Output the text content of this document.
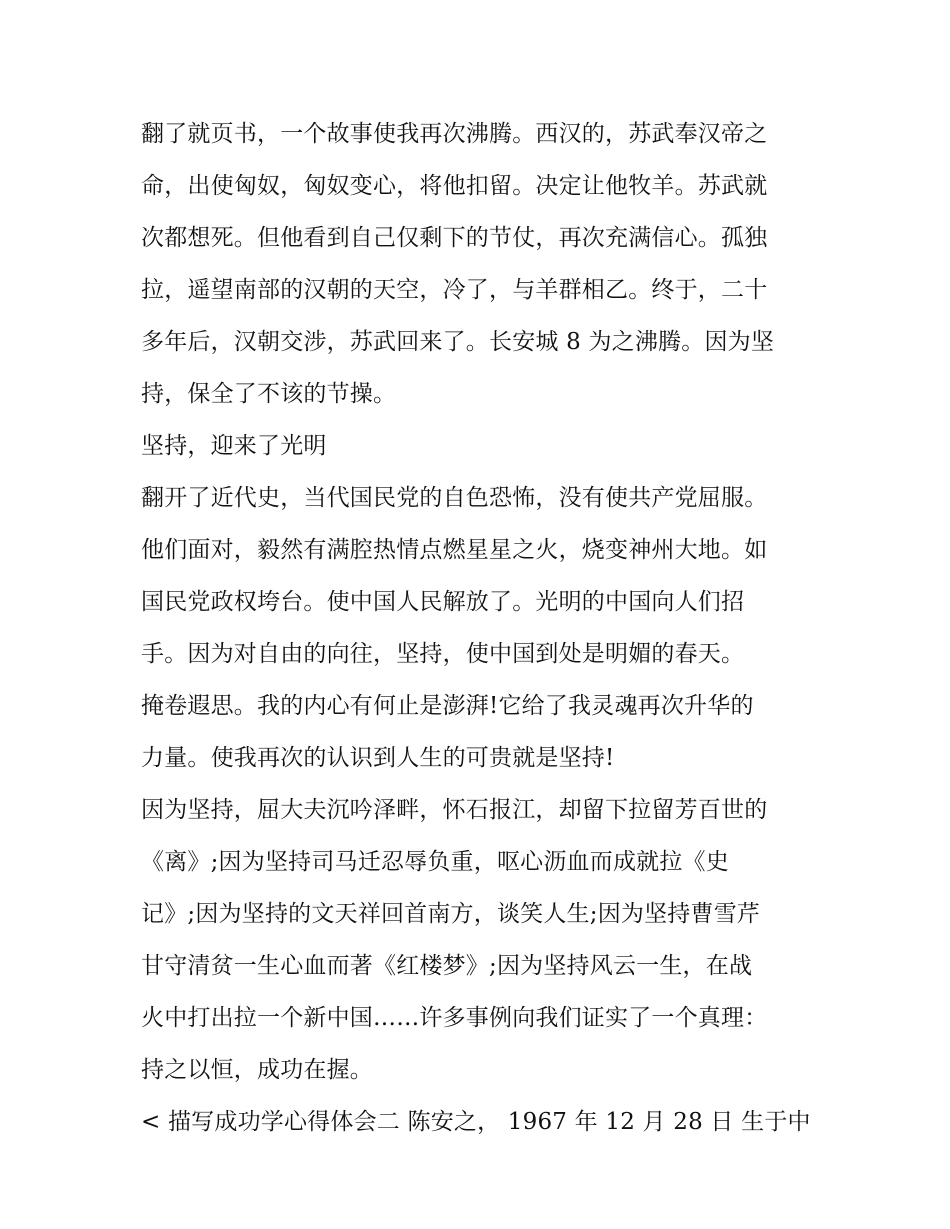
翻了就页书，一个故事使我再次沸腾。西汉的，苏武奉汉帝之
命，出使匈奴，匈奴变心，将他扣留。决定让他牧羊。苏武就
次都想死。但他看到自己仅剩下的节仗，再次充满信心。孤独
拉，遥望南部的汉朝的天空，冷了，与羊群相乙。终于，二十
多年后，汉朝交涉，苏武回来了。长安城 8 为之沸腾。因为坚
持，保全了不该的节操。
坚持，迎来了光明
翻开了近代史，当代国民党的自色恐怖，没有使共产党屈服。
他们面对，毅然有满腔热情点燃星星之火，烧变神州大地。如
国民党政权垮台。使中国人民解放了。光明的中国向人们招
手。因为对自由的向往，坚持，使中国到处是明媚的春天。
掩卷遐思。我的内心有何止是澎湃!它给了我灵魂再次升华的
力量。使我再次的认识到人生的可贵就是坚持!
因为坚持，屈大夫沉吟泽畔，怀石报江，却留下拉留芳百世的
《离》;因为坚持司马迁忍辱负重，呕心沥血而成就拉《史
记》;因为坚持的文天祥回首南方，谈笑人生;因为坚持曹雪芹
甘守清贫一生心血而著《红楼梦》;因为坚持风云一生，在战
火中打出拉一个新中国……许多事例向我们证实了一个真理：
持之以恒，成功在握。
< 描写成功学心得体会二 陈安之， 1967 年 12 月 28 日 生于中
